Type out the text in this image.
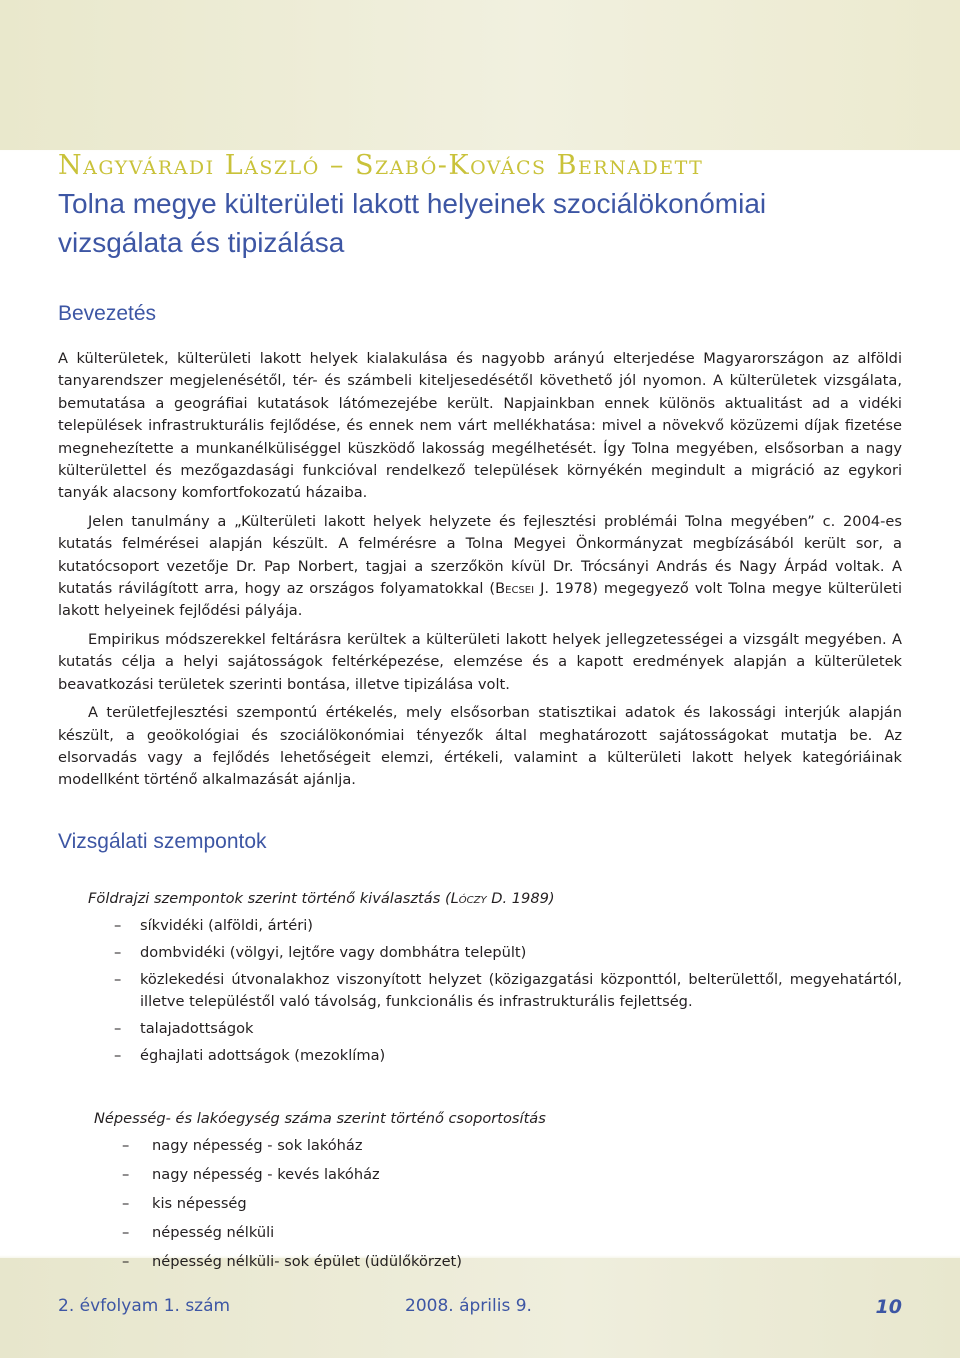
Nagyváradi László – Szabó-Kovács Bernadett
Tolna megye külterületi lakott helyeinek szociálökonómiai
vizsgálata és tipizálása
Bevezetés

A külterületek, külterületi lakott helyek kialakulása és nagyobb arányú elterjedése Magyarországon az alföldi tanyarendszer megjelenésétől, tér- és számbeli kiteljesedésétől követhető jól nyomon. A külterületek vizsgálata, bemutatása a geográfiai kutatások látómezejébe került. Napjainkban ennek különös aktualitást ad a vidéki települések infrastrukturális fejlődése, és ennek nem várt mellékhatása: mivel a növekvő közüzemi díjak fizetése megnehezítette a munkanélküliséggel küszködő lakosság megélhetését. Így Tolna megyében, elsősorban a nagy külterülettel és mezőgazdasági funkcióval rendelkező települések környékén megindult a migráció az egykori tanyák alacsony komfortfokozatú házaiba.

Jelen tanulmány a „Külterületi lakott helyek helyzete és fejlesztési problémái Tolna megyében” c. 2004-es kutatás felmérései alapján készült. A felmérésre a Tolna Megyei Önkormányzat megbízásából került sor, a kutatócsoport vezetője Dr. Pap Norbert, tagjai a szerzőkön kívül Dr. Trócsányi András és Nagy Árpád voltak. A kutatás rávilágított arra, hogy az országos folyamatokkal (Becsei J. 1978) megegyező volt Tolna megye külterületi lakott helyeinek fejlődési pályája.

Empirikus módszerekkel feltárásra kerültek a külterületi lakott helyek jellegzetességei a vizsgált megyében. A kutatás célja a helyi sajátosságok feltérképezése, elemzése és a kapott eredmények alapján a külterületek beavatkozási területek szerinti bontása, illetve tipizálása volt.

A területfejlesztési szempontú értékelés, mely elsősorban statisztikai adatok és lakossági interjúk alapján készült, a geoökológiai és szociálökonómiai tényezők által meghatározott sajátosságokat mutatja be. Az elsorvadás vagy a fejlődés lehetőségeit elemzi, értékeli, valamint a külterületi lakott helyek kategóriáinak modellként történő alkalmazását ajánlja.

Vizsgálati szempontok
Földrajzi szempontok szerint történő kiválasztás (Lóczy D. 1989)
– síkvidéki (alföldi, ártéri)
– dombvidéki (völgyi, lejtőre vagy dombhátra települt)
– közlekedési útvonalakhoz viszonyított helyzet (közigazgatási központtól, belterülettől, megyehatártól, illetve településtől való távolság, funkcionális és infrastrukturális fejlettség.
– talajadottságok
– éghajlati adottságok (mezoklíma)
Népesség- és lakóegység száma szerint történő csoportosítás
– nagy népesség - sok lakóház
– nagy népesség - kevés lakóház
– kis népesség
– népesség nélküli
– népesség nélküli- sok épület (üdülőkörzet)
2. évfolyam 1. szám	2008. április 9.	10
